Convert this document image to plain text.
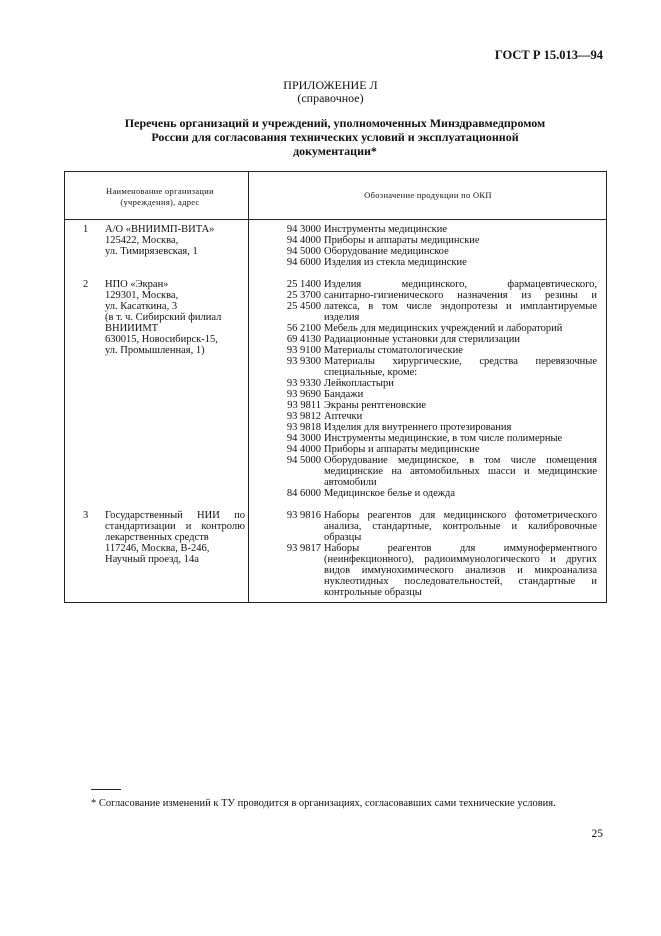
ГОСТ Р 15.013—94
ПРИЛОЖЕНИЕ Л
(справочное)
Перечень организаций и учреждений, уполномоченных Минздравмедпромом
России для согласования технических условий и эксплуатационной
документации*
Наименование организации (учреждения), адрес
Обозначение продукции по ОКП
1	А/О «ВНИИМП-ВИТА»
125422, Москва,
ул. Тимирязевская, 1
94 3000 Инструменты медицинские
94 4000 Приборы и аппараты медицинские
94 5000 Оборудование медицинское
94 6000 Изделия из стекла медицинские
2	НПО «Экран»
129301, Москва,
ул. Касаткина, 3
(в т. ч. Сибирский филиал ВНИИИМТ
630015, Новосибирск-15,
ул. Промышленная, 1)
25 1400 Изделия медицинского, фармацевтического,
25 3700 санитарно-гигиенического назначения из резины и
25 4500 латекса, в том числе эндопротезы и имплантируемые изделия
56 2100 Мебель для медицинских учреждений и лабораторий
69 4130 Радиационные установки для стерилизации
93 9100 Материалы стоматологические
93 9300 Материалы хирургические, средства перевязочные специальные, кроме:
93 9330 Лейкопластыри
93 9690 Бандажи
93 9811 Экраны рентгеновские
93 9812 Аптечки
93 9818 Изделия для внутреннего протезирования
94 3000 Инструменты медицинские, в том числе полимерные
94 4000 Приборы и аппараты медицинские
94 5000 Оборудование медицинское, в том числе помещения медицинские на автомобильных шасси и медицинские автомобили
84 6000 Медицинское белье и одежда
3	Государственный НИИ по стандартизации и контролю лекарственных средств
117246, Москва, В-246,
Научный проезд, 14а
93 9816 Наборы реагентов для медицинского фотометрического анализа, стандартные, контрольные и калибровочные образцы
93 9817 Наборы реагентов для иммуноферментного (неинфекционного), радиоиммунологического и других видов иммунохимического анализов и микроанализа нуклеотидных последовательностей, стандартные и контрольные образцы
* Согласование изменений к ТУ проводится в организациях, согласовавших сами технические условия.
25
